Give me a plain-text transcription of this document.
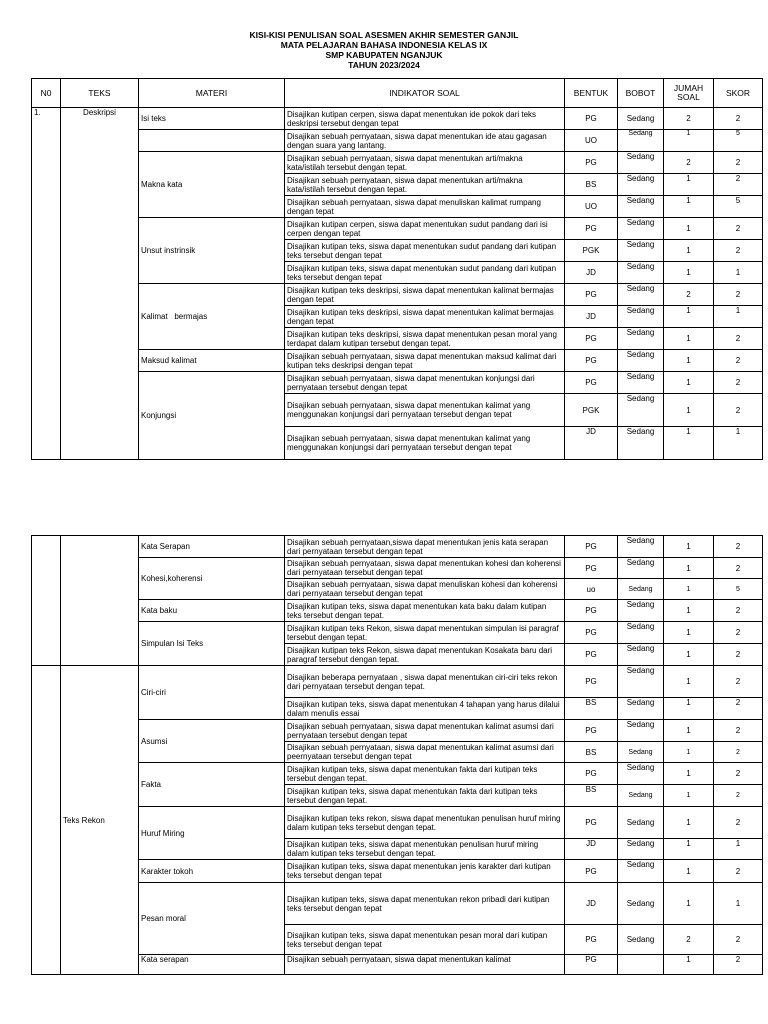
KISI-KISI PENULISAN SOAL ASESMEN AKHIR SEMESTER GANJIL
MATA PELAJARAN BAHASA INDONESIA KELAS IX
SMP KABUPATEN NGANJUK
TAHUN 2023/2024
N0	TEKS	MATERI	INDIKATOR SOAL	BENTUK	BOBOT	JUMAH SOAL	SKOR
1.	Deskripsi	Isi teks	Disajikan kutipan cerpen, siswa dapat menentukan ide pokok dari teks deskripsi tersebut dengan tepat	PG	Sedang	2	2
			Disajikan sebuah pernyataan, siswa dapat menentukan ide atau gagasan dengan suara yang lantang.	UO	Sedang	1	5
		Makna kata	Disajikan sebuah pernyataan, siswa dapat menentukan arti/makna kata/istilah tersebut dengan tepat.	PG	Sedang	2	2
			Disajikan sebuah pernyataan, siswa dapat menentukan arti/makna kata/istilah tersebut dengan tepat.	BS	Sedang	1	2
			Disajikan sebuah pernyataan, siswa dapat menuliskan kalimat rumpang dengan tepat	UO	Sedang	1	5
		Unsut instrinsik	Disajikan kutipan cerpen, siswa dapat menentukan sudut pandang dari isi cerpen dengan tepat	PG	Sedang	1	2
			Disajikan kutipan teks, siswa dapat menentukan sudut pandang dari kutipan teks tersebut dengan tepat	PGK	Sedang	1	2
			Disajikan kutipan teks, siswa dapat menentukan sudut pandang dari kutipan teks tersebut dengan tepat	JD	Sedang	1	1
		Kalimat   bermajas	Disajikan kutipan teks deskripsi, siswa dapat menentukan kalimat bermajas dengan tepat	PG	Sedang	2	2
			Disajikan kutipan teks deskripsi, siswa dapat menentukan kalimat bermajas dengan tepat	JD	Sedang	1	1
			Disajikan kutipan teks deskripsi, siswa dapat menentukan pesan moral yang terdapat dalam kutipan tersebut dengan tepat.	PG	Sedang	1	2
		Maksud kalimat	Disajikan sebuah pernyataan, siswa dapat menentukan maksud kalimat dari kutipan teks deskripsi dengan tepat	PG	Sedang	1	2
		Konjungsi	Disajikan sebuah pernyataan, siswa dapat menentukan konjungsi dari pernyataan tersebut dengan tepat	PG	Sedang	1	2
			Disajikan sebuah pernyataan, siswa dapat menentukan kalimat yang menggunakan konjungsi dari pernyataan tersebut dengan tepat	PGK	Sedang	1	2
			Disajikan sebuah pernyataan, siswa dapat menentukan kalimat yang menggunakan konjungsi dari pernyataan tersebut dengan tepat	JD	Sedang	1	1
		Kata Serapan	Disajikan sebuah pernyataan,siswa dapat menentukan jenis kata serapan dari pernyataan tersebut dengan tepat	PG	Sedang	1	2
		Kohesi,koherensi	Disajikan sebuah pernyataan, siswa dapat menentukan kohesi dan koherensi dari pernyataan tersebut dengan tepat	PG	Sedang	1	2
			Disajikan sebuah pernyataan, siswa dapat menuliskan kohesi dan koherensi dari pernyataan tersebut dengan tepat	uo	Sedang	1	5
		Kata baku	Disajikan kutipan teks, siswa dapat menentukan kata baku dalam kutipan teks tersebut dengan tepat.	PG	Sedang	1	2
		Simpulan Isi Teks	Disajikan kutipan teks Rekon, siswa dapat menentukan simpulan isi paragraf tersebut dengan tepat.	PG	Sedang	1	2
			Disajikan kutipan teks Rekon, siswa dapat menentukan Kosakata baru dari paragraf tersebut dengan tepat.	PG	Sedang	1	2
	Teks Rekon	Ciri-ciri	Disajikan beberapa pernyataan , siswa dapat menentukan ciri-ciri teks rekon dari pernyataan tersebut dengan tepat.	PG	Sedang	1	2
			Disajikan kutipan teks, siswa dapat menentukan 4 tahapan yang harus dilalui dalam menulis essai	BS	Sedang	1	2
		Asumsi	Disajikan sebuah pernyataan, siswa dapat menentukan kalimat asumsi dari pernyataan tersebut dengan tepat	PG	Sedang	1	2
			Disajikan sebuah pernyataan, siswa dapat menentukan kalimat asumsi dari peernyataan tersebut dengan tepat	BS	Sedang	1	2
		Fakta	Disajikan kutipan teks, siswa dapat menentukan fakta dari kutipan teks tersebut dengan tepat.	PG	Sedang	1	2
			Disajikan kutipan teks, siswa dapat menentukan fakta dari kutipan teks tersebut dengan tepat.	BS	Sedang	1	2
		Huruf Miring	Disajikan kutipan teks rekon, siswa dapat menentukan penulisan huruf miring dalam kutipan teks tersebut dengan tepat.	PG	Sedang	1	2
			Disajikan kutipan teks, siswa dapat menentukan penulisan huruf miring dalam kutipan teks tersebut dengan tepat.	JD	Sedang	1	1
		Karakter tokoh	Disajikan kutipan teks, siswa dapat menentukan jenis karakter dari kutipan teks tersebut dengan tepat	PG	Sedang	1	2
		Pesan moral	Disajikan kutipan teks, siswa dapat menentukan rekon pribadi dari kutipan teks tersebut dengan tepat	JD	Sedang	1	1
			Disajikan kutipan teks, siswa dapat menentukan pesan moral dari kutipan teks tersebut dengan tepat	PG	Sedang	2	2
		Kata serapan	Disajikan sebuah pernyataan, siswa dapat menentukan kalimat	PG		1	2
